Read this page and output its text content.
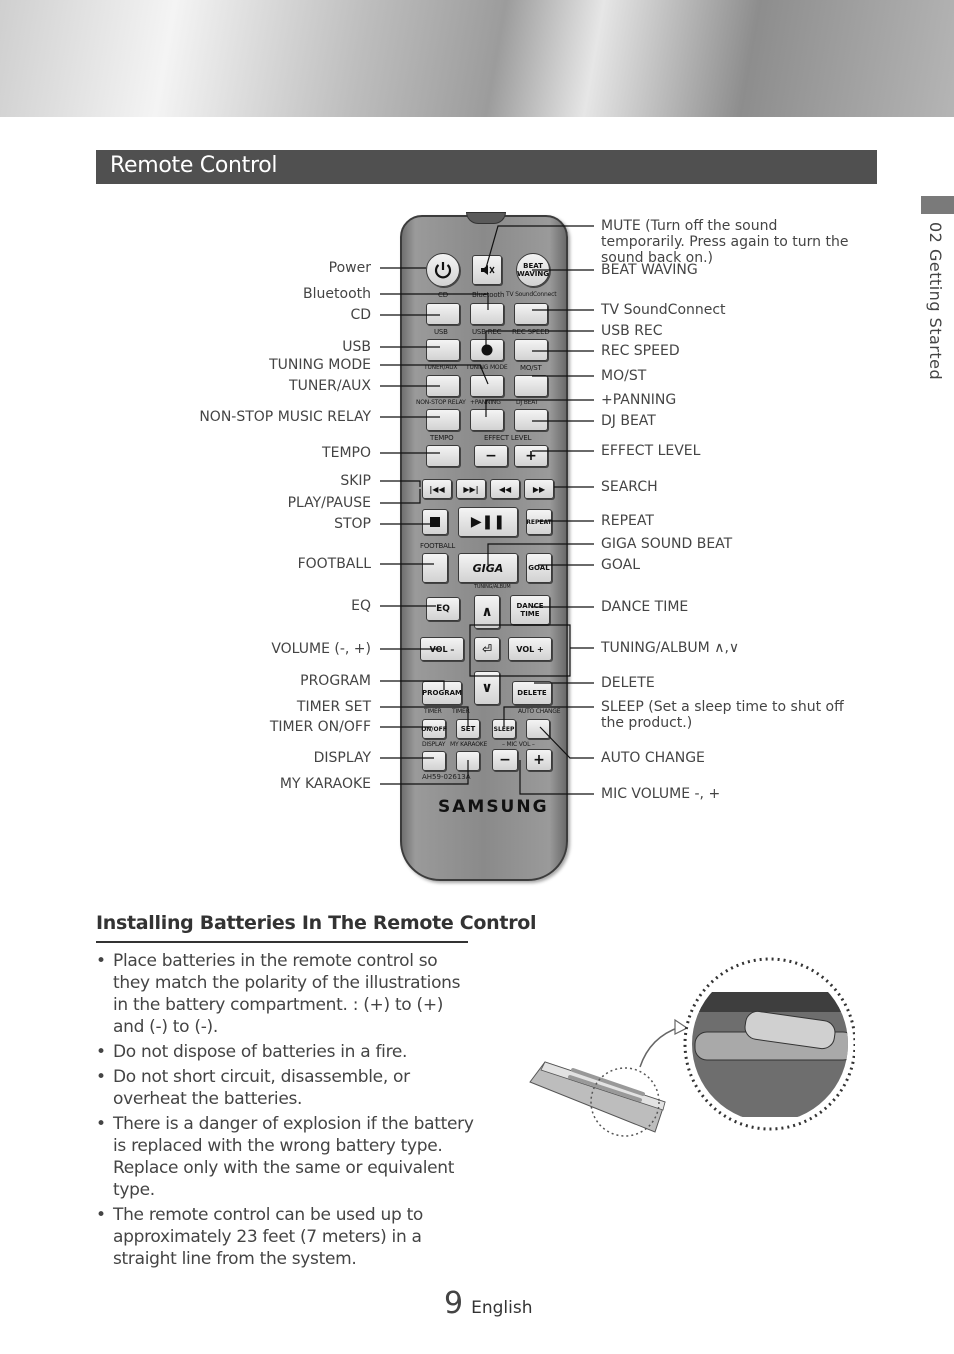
Remote Control
02 Getting Started
BEAT WAVING
CD	Bluetooth TV SoundConnect
USB	USB REC REC SPEED
TUNER/AUX TUNING MODE MO/ST
NON-STOP RELAY +PANNING	DJ BEAT
TEMPO	EFFECT LEVEL
−	+
|◀◀	▶▶|	◀◀	▶▶
▶❚❚	REPEAT
FOOTBALL
GIGA	GOAL
TUNING/ALBUM
EQ	∧	DANCE TIME
VOL –	⏎	VOL +
∨
PROGRAM	DELETE
TIMER TIMER	AUTO CHANGE
ON/OFF	SET	SLEEP
DISPLAY MY KARAOKE – MIC VOL –
−	+
AH59-02613A
SAMSUNG
Power
Bluetooth
CD
USB
TUNING MODE
TUNER/AUX
NON-STOP MUSIC RELAY
TEMPO
SKIP
PLAY/PAUSE
STOP
FOOTBALL
EQ
VOLUME (-, +)
PROGRAM
TIMER SET
TIMER ON/OFF
DISPLAY
MY KARAOKE
MUTE (Turn off the sound temporarily. Press again to turn the sound back on.)
BEAT WAVING
TV SoundConnect
USB REC
REC SPEED
MO/ST
+PANNING
DJ BEAT
EFFECT LEVEL
SEARCH
REPEAT
GIGA SOUND BEAT
GOAL
DANCE TIME
TUNING/ALBUM ∧,∨
DELETE
SLEEP (Set a sleep time to shut off the product.)
AUTO CHANGE
MIC VOLUME -, +
Installing Batteries In The Remote Control
• Place batteries in the remote control so they match the polarity of the illustrations in the battery compartment. : (+) to (+) and (-) to (-).
• Do not dispose of batteries in a fire.
• Do not short circuit, disassemble, or overheat the batteries.
• There is a danger of explosion if the battery is replaced with the wrong battery type. Replace only with the same or equivalent type.
• The remote control can be used up to approximately 23 feet (7 meters) in a straight line from the system.
9 English
